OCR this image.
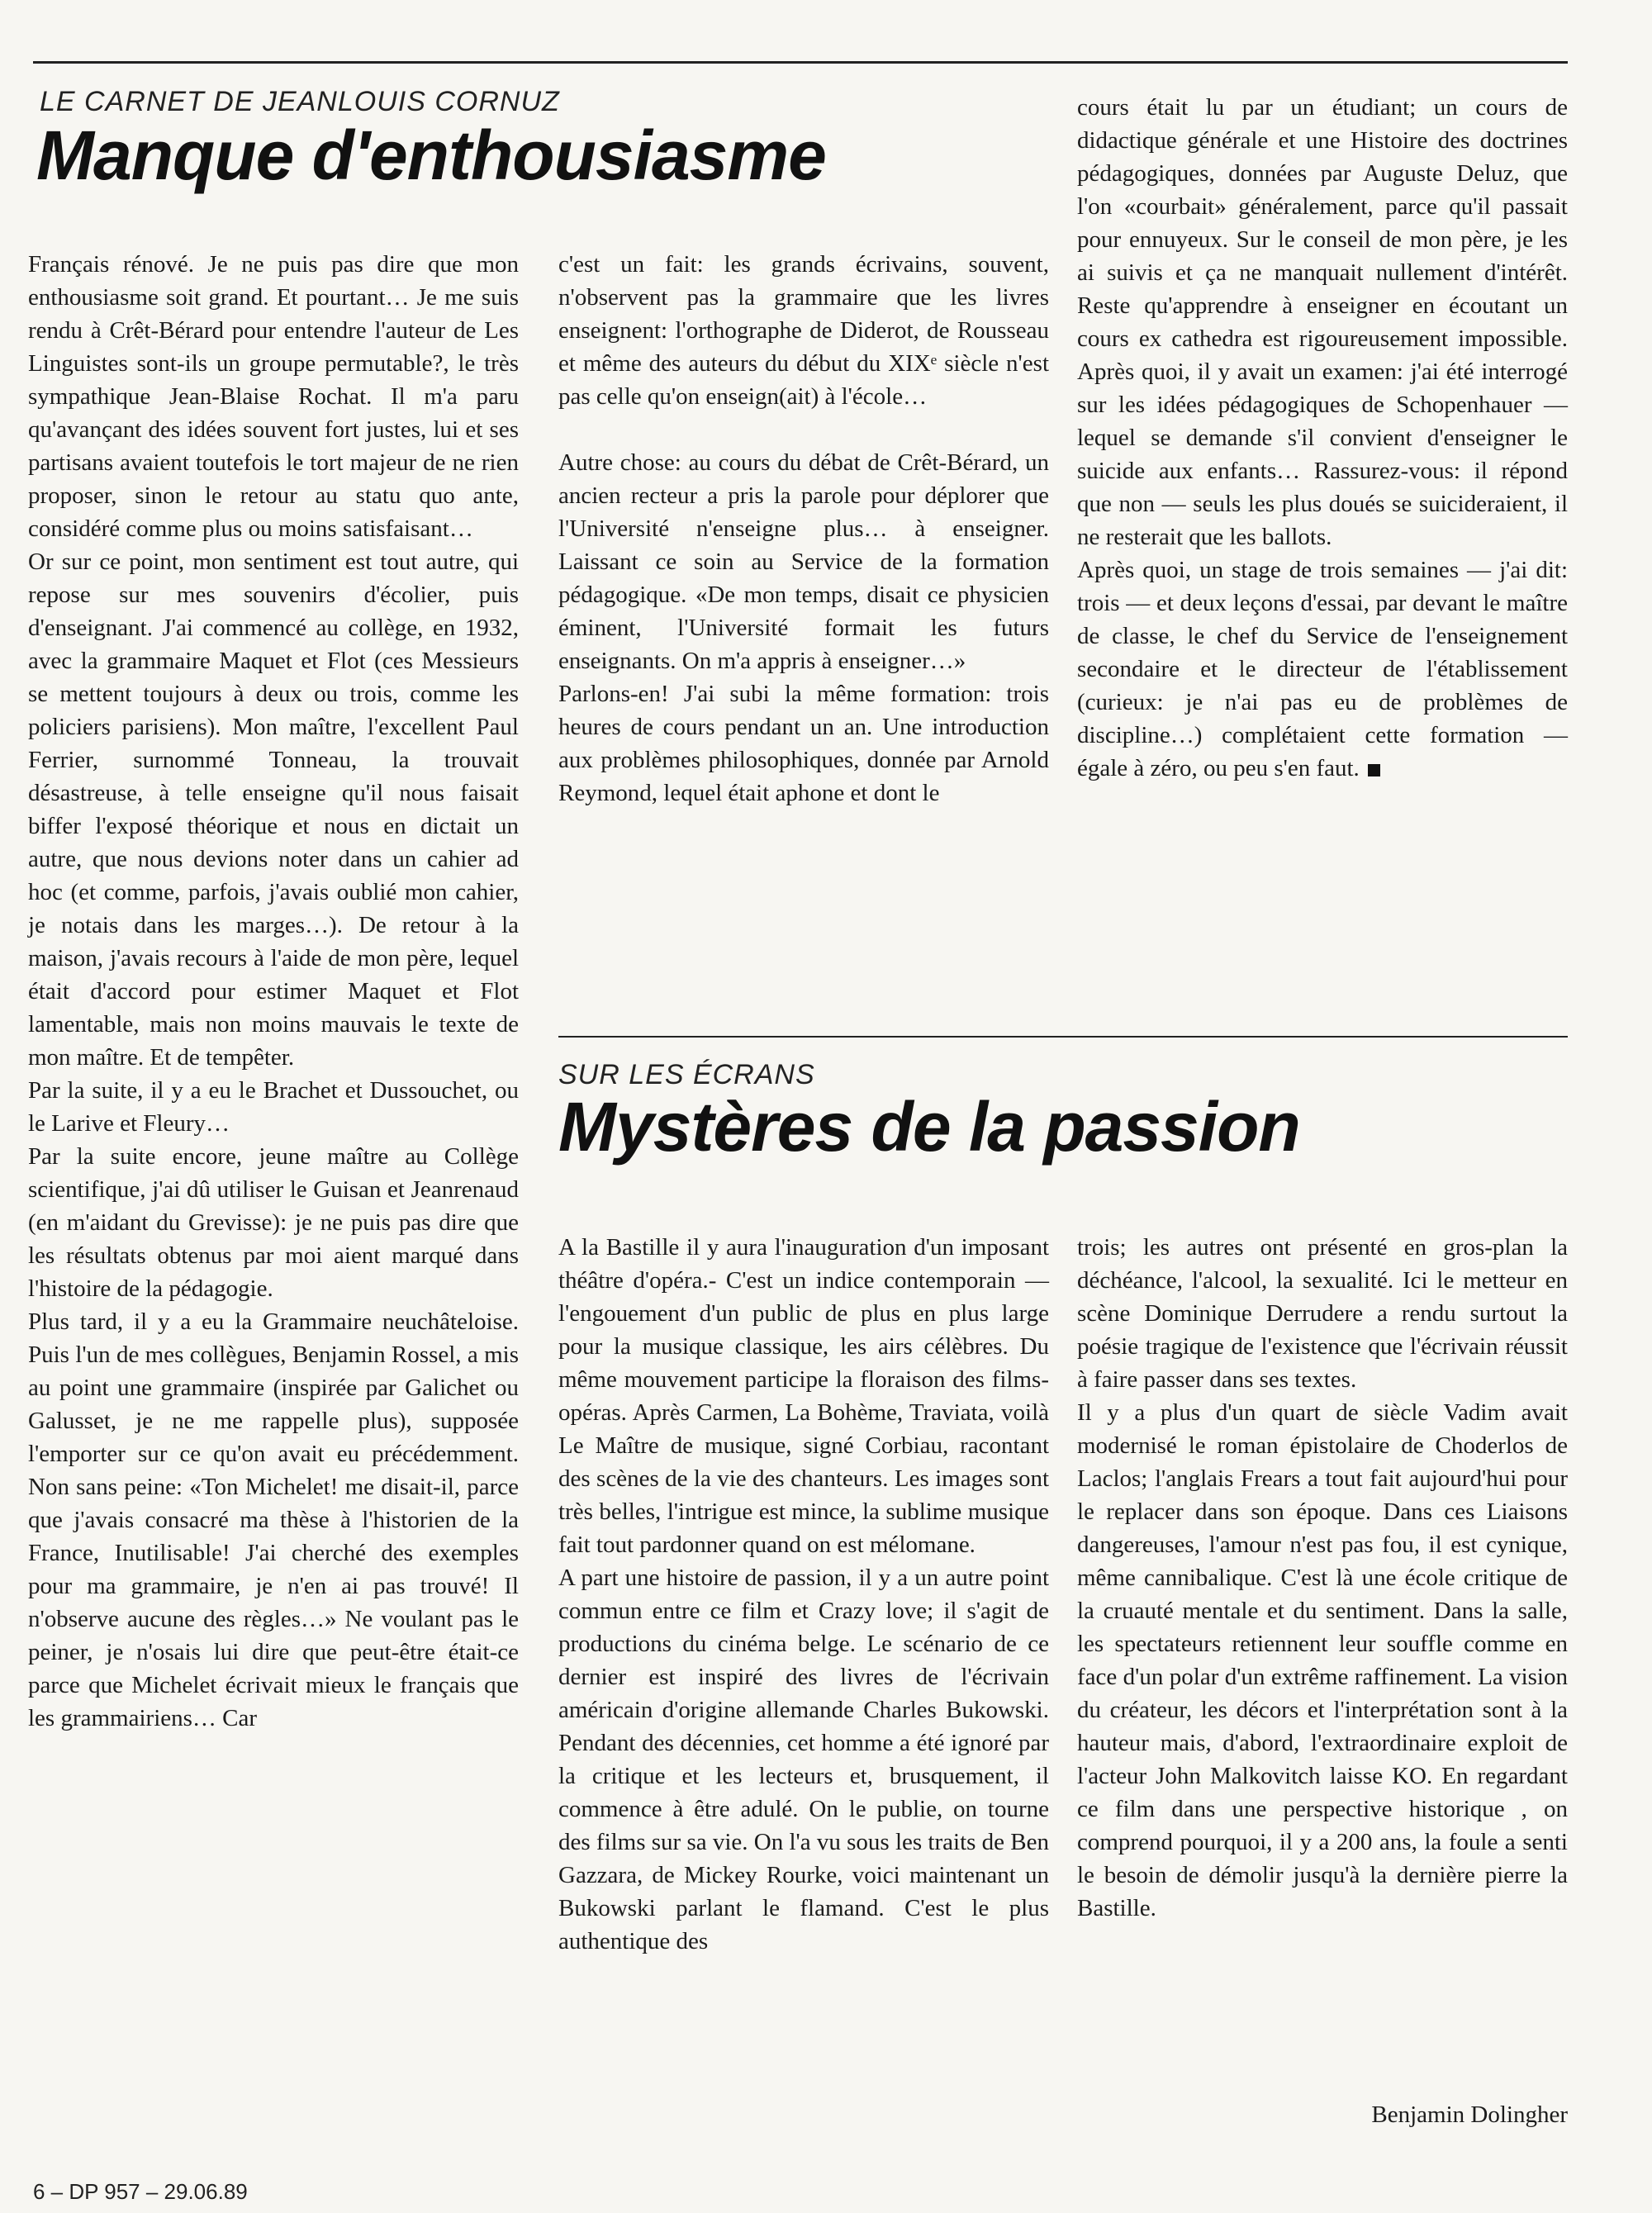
LE CARNET DE JEANLOUIS CORNUZ

Manque d'enthousiasme

Français rénové. Je ne puis pas dire que mon enthousiasme soit grand. Et pourtant… Je me suis rendu à Crêt-Bérard pour entendre l'auteur de Les Linguistes sont-ils un groupe permutable?, le très sympathique Jean-Blaise Rochat. Il m'a paru qu'avançant des idées souvent fort justes, lui et ses partisans avaient toutefois le tort majeur de ne rien proposer, sinon le retour au statu quo ante, considéré comme plus ou moins satisfaisant…

Or sur ce point, mon sentiment est tout autre, qui repose sur mes souvenirs d'écolier, puis d'enseignant. J'ai commencé au collège, en 1932, avec la grammaire Maquet et Flot (ces Messieurs se mettent toujours à deux ou trois, comme les policiers parisiens). Mon maître, l'excellent Paul Ferrier, surnommé Tonneau, la trouvait désastreuse, à telle enseigne qu'il nous faisait biffer l'exposé théorique et nous en dictait un autre, que nous devions noter dans un cahier ad hoc (et comme, parfois, j'avais oublié mon cahier, je notais dans les marges…). De retour à la maison, j'avais recours à l'aide de mon père, lequel était d'accord pour estimer Maquet et Flot lamentable, mais non moins mauvais le texte de mon maître. Et de tempêter.

Par la suite, il y a eu le Brachet et Dussouchet, ou le Larive et Fleury…

Par la suite encore, jeune maître au Collège scientifique, j'ai dû utiliser le Guisan et Jeanrenaud (en m'aidant du Grevisse): je ne puis pas dire que les résultats obtenus par moi aient marqué dans l'histoire de la pédagogie.

Plus tard, il y a eu la Grammaire neuchâteloise. Puis l'un de mes collègues, Benjamin Rossel, a mis au point une grammaire (inspirée par Galichet ou Galusset, je ne me rappelle plus), supposée l'emporter sur ce qu'on avait eu précédemment. Non sans peine: «Ton Michelet! me disait-il, parce que j'avais consacré ma thèse à l'historien de la France, Inutilisable! J'ai cherché des exemples pour ma grammaire, je n'en ai pas trouvé! Il n'observe aucune des règles…» Ne voulant pas le peiner, je n'osais lui dire que peut-être était-ce parce que Michelet écrivait mieux le français que les grammairiens… Car

c'est un fait: les grands écrivains, souvent, n'observent pas la grammaire que les livres enseignent: l'orthographe de Diderot, de Rousseau et même des auteurs du début du XIXᵉ siècle n'est pas celle qu'on enseign(ait) à l'école…

Autre chose: au cours du débat de Crêt-Bérard, un ancien recteur a pris la parole pour déplorer que l'Université n'enseigne plus… à enseigner. Laissant ce soin au Service de la formation pédagogique. «De mon temps, disait ce physicien éminent, l'Université formait les futurs enseignants. On m'a appris à enseigner…»

Parlons-en! J'ai subi la même formation: trois heures de cours pendant un an. Une introduction aux problèmes philosophiques, donnée par Arnold Reymond, lequel était aphone et dont le

cours était lu par un étudiant; un cours de didactique générale et une Histoire des doctrines pédagogiques, données par Auguste Deluz, que l'on «courbait» généralement, parce qu'il passait pour ennuyeux. Sur le conseil de mon père, je les ai suivis et ça ne manquait nullement d'intérêt. Reste qu'apprendre à enseigner en écoutant un cours ex cathedra est rigoureusement impossible. Après quoi, il y avait un examen: j'ai été interrogé sur les idées pédagogiques de Schopenhauer — lequel se demande s'il convient d'enseigner le suicide aux enfants… Rassurez-vous: il répond que non — seuls les plus doués se suicideraient, il ne resterait que les ballots.

Après quoi, un stage de trois semaines — j'ai dit: trois — et deux leçons d'essai, par devant le maître de classe, le chef du Service de l'enseignement secondaire et le directeur de l'établissement (curieux: je n'ai pas eu de problèmes de discipline…) complétaient cette formation — égale à zéro, ou peu s'en faut.

SUR LES ÉCRANS

Mystères de la passion

A la Bastille il y aura l'inauguration d'un imposant théâtre d'opéra.- C'est un indice contemporain — l'engouement d'un public de plus en plus large pour la musique classique, les airs célèbres. Du même mouvement participe la floraison des films-opéras. Après Carmen, La Bohème, Traviata, voilà Le Maître de musique, signé Corbiau, racontant des scènes de la vie des chanteurs. Les images sont très belles, l'intrigue est mince, la sublime musique fait tout pardonner quand on est mélomane.

A part une histoire de passion, il y a un autre point commun entre ce film et Crazy love; il s'agit de productions du cinéma belge. Le scénario de ce dernier est inspiré des livres de l'écrivain américain d'origine allemande Charles Bukowski. Pendant des décennies, cet homme a été ignoré par la critique et les lecteurs et, brusquement, il commence à être adulé. On le publie, on tourne des films sur sa vie. On l'a vu sous les traits de Ben Gazzara, de Mickey Rourke, voici maintenant un Bukowski parlant le flamand. C'est le plus authentique des

trois; les autres ont présenté en gros-plan la déchéance, l'alcool, la sexualité. Ici le metteur en scène Dominique Derrudere a rendu surtout la poésie tragique de l'existence que l'écrivain réussit à faire passer dans ses textes.

Il y a plus d'un quart de siècle Vadim avait modernisé le roman épistolaire de Choderlos de Laclos; l'anglais Frears a tout fait aujourd'hui pour le replacer dans son époque. Dans ces Liaisons dangereuses, l'amour n'est pas fou, il est cynique, même cannibalique. C'est là une école critique de la cruauté mentale et du sentiment. Dans la salle, les spectateurs retiennent leur souffle comme en face d'un polar d'un extrême raffinement. La vision du créateur, les décors et l'interprétation sont à la hauteur mais, d'abord, l'extraordinaire exploit de l'acteur John Malkovitch laisse KO. En regardant ce film dans une perspective historique , on comprend pourquoi, il y a 200 ans, la foule a senti le besoin de démolir jusqu'à la dernière pierre la Bastille.

Benjamin Dolingher
6 – DP 957 – 29.06.89
